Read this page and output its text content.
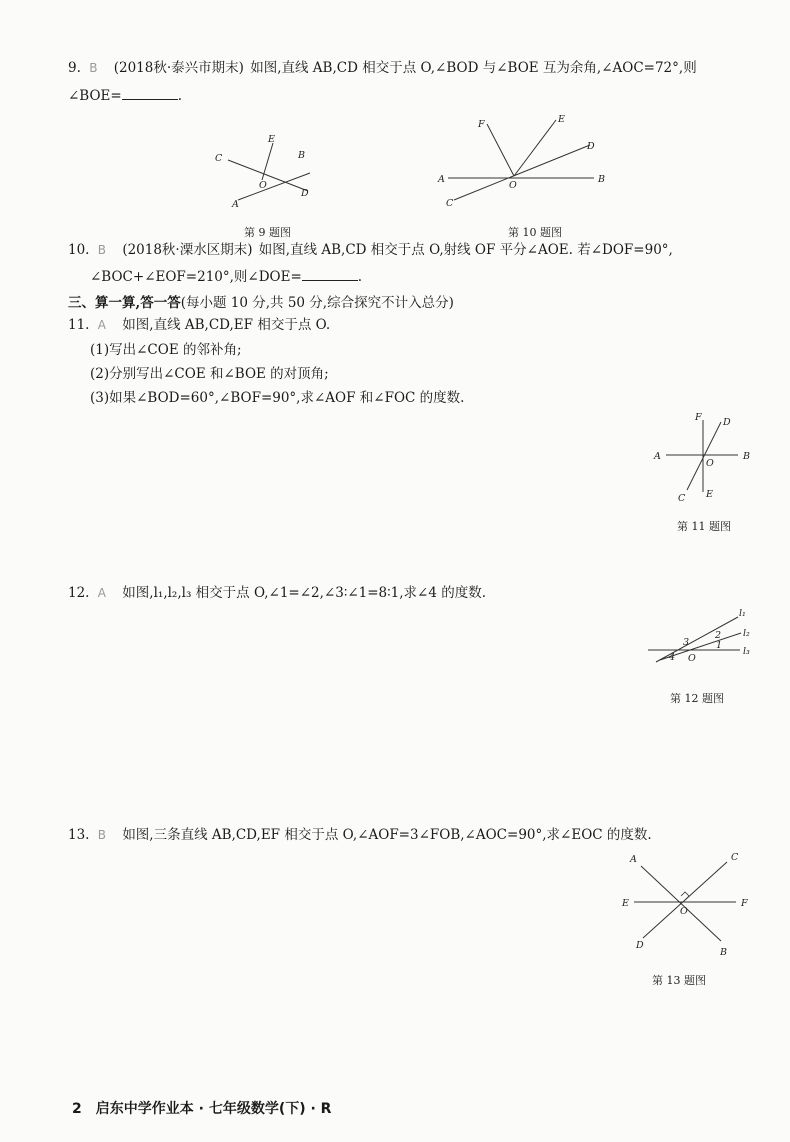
9. B (2018秋·泰兴市期末) 如图,直线 AB,CD 相交于点 O,∠BOD 与∠BOE 互为余角,∠AOC=72°,则
∠BOE=	.
A
B
C
D
E
O
第 9 题图
A	B
C
D
E
F
O
第 10 题图
10. B (2018秋·溧水区期末) 如图,直线 AB,CD 相交于点 O,射线 OF 平分∠AOE. 若∠DOF=90°,
∠BOC+∠EOF=210°,则∠DOE=	.
三、算一算,答一答(每小题 10 分,共 50 分,综合探究不计入总分)
11. A 如图,直线 AB,CD,EF 相交于点 O.
(1)写出∠COE 的邻补角;
(2)分别写出∠COE 和∠BOE 的对顶角;
(3)如果∠BOD=60°,∠BOF=90°,求∠AOF 和∠FOC 的度数.
A	B
C
D
E
F
O
第 11 题图
12. A 如图,l₁,l₂,l₃ 相交于点 O,∠1=∠2,∠3∶∠1=8∶1,求∠4 的度数.
l₁
l₂
l₃
1
2
3
4 O
第 12 题图
13. B 如图,三条直线 AB,CD,EF 相交于点 O,∠AOF=3∠FOB,∠AOC=90°,求∠EOC 的度数.
A
B
C
D
E	F
O
第 13 题图
2 启东中学作业本 · 七年级数学(下) · R
